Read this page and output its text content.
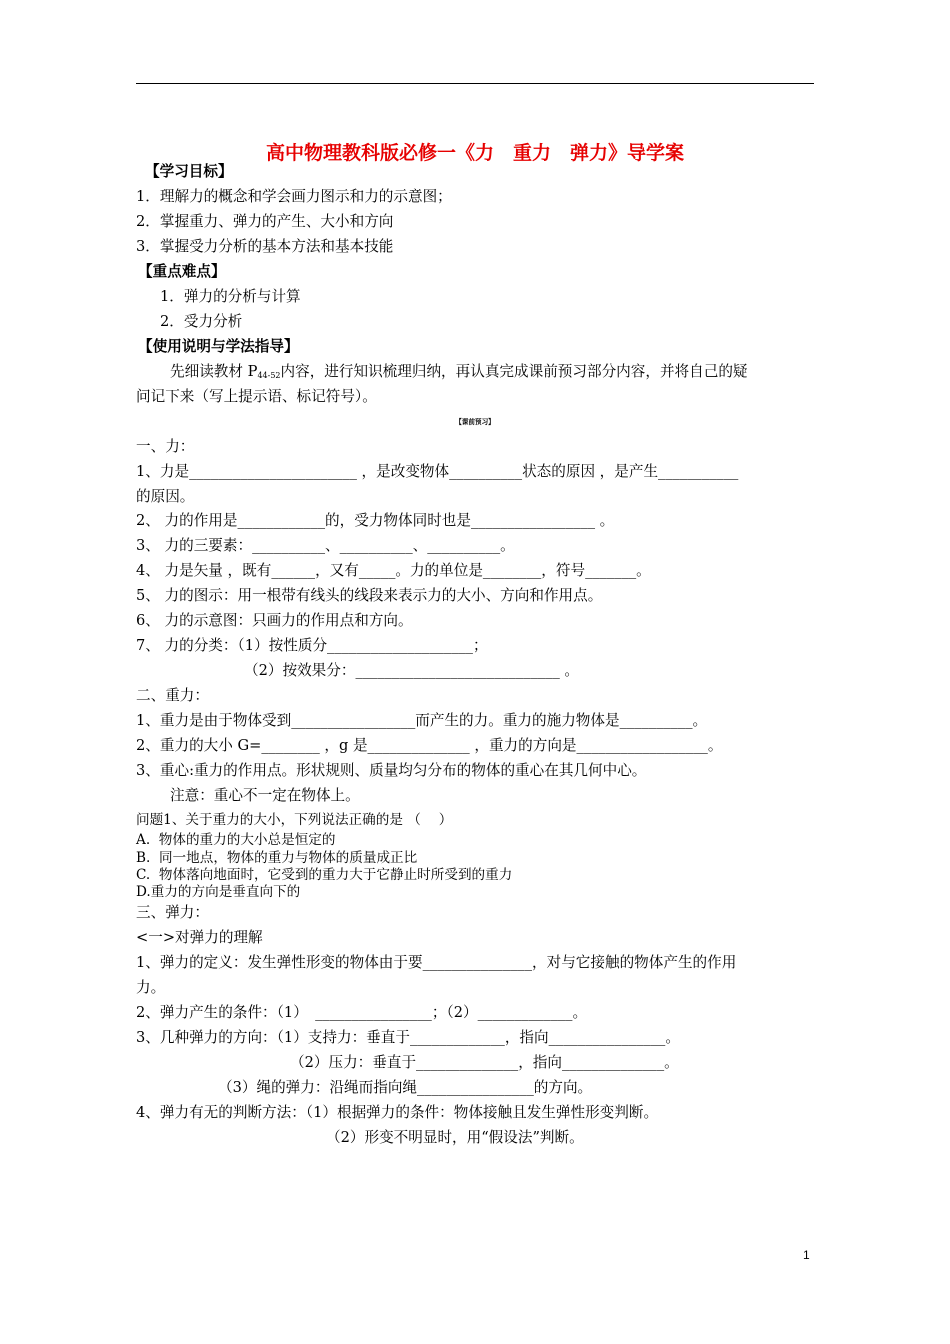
高中物理教科版必修一《力　重力　弹力》导学案
【学习目标】
1．理解力的概念和学会画力图示和力的示意图；
2．掌握重力、弹力的产生、大小和方向
3．掌握受力分析的基本方法和基本技能
【重点难点】
1．弹力的分析与计算
2．受力分析
【使用说明与学法指导】
先细读教材 $P_{44-52}$内容，进行知识梳理归纳，再认真完成课前预习部分内容，并将自己的疑
问记下来（写上提示语、标记符号）。
【课前预习】
一、力：
1、力是_______________________ ，是改变物体__________状态的原因 ，是产生___________
的原因。
2、 力的作用是____________的，受力物体同时也是_________________ 。
3、 力的三要素：__________、__________、__________。
4、 力是矢量 ，既有______，又有_____。力的单位是________，符号_______。
5、 力的图示：用一根带有线头的线段来表示力的大小、方向和作用点。
6、 力的示意图：只画力的作用点和方向。
7、 力的分类：（1）按性质分____________________；
（2）按效果分：____________________________ 。
二、重力：
1、重力是由于物体受到_________________而产生的力。重力的施力物体是__________。
2、重力的大小 G=________ ，g 是______________ ，重力的方向是__________________。
3、重心:重力的作用点。形状规则、质量均匀分布的物体的重心在其几何中心。
注意：重心不一定在物体上。
问题1、关于重力的大小，下列说法正确的是 （　 ）
A.  物体的重力的大小总是恒定的
B.  同一地点，物体的重力与物体的质量成正比
C.  物体落向地面时，它受到的重力大于它静止时所受到的重力
D.重力的方向是垂直向下的
三、弹力：
<一>对弹力的理解
1、弹力的定义：发生弹性形变的物体由于要_______________，对与它接触的物体产生的作用
力。
2、弹力产生的条件：（1）　________________；（2）_____________。
3、几种弹力的方向：（1）支持力：垂直于_____________，指向________________。
（2）压力：垂直于______________，指向______________。
（3）绳的弹力：沿绳而指向绳________________的方向。
4、弹力有无的判断方法：（1）根据弹力的条件：物体接触且发生弹性形变判断。
（2）形变不明显时，用“假设法”判断。
1
